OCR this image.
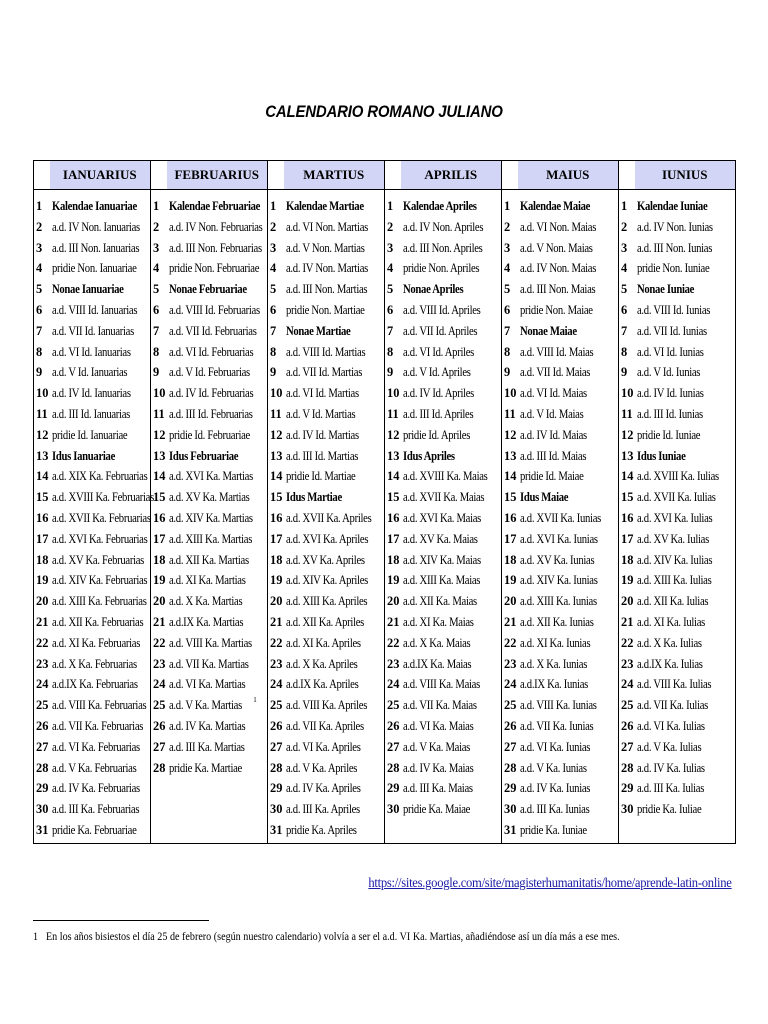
CALENDARIO ROMANO JULIANO
	IANUARIUS		FEBRUARIUS		MARTIUS		APRILIS		MAIUS		IUNIUS
1	Kalendae Ianuariae	1	Kalendae Februariae	1	Kalendae Martiae	1	Kalendae Apriles	1	Kalendae Maiae	1	Kalendae Iuniae
2	a.d. IV Non. Ianuarias	2	a.d. IV Non. Februarias	2	a.d. VI Non. Martias	2	a.d. IV Non. Apriles	2	a.d. VI Non. Maias	2	a.d. IV Non. Iunias
3	a.d. III Non. Ianuarias	3	a.d. III Non. Februarias	3	a.d. V Non. Martias	3	a.d. III Non. Apriles	3	a.d. V Non. Maias	3	a.d. III Non. Iunias
4	pridie Non. Ianuariae	4	pridie Non. Februariae	4	a.d. IV Non. Martias	4	pridie Non. Apriles	4	a.d. IV Non. Maias	4	pridie Non. Iuniae
5	Nonae Ianuariae	5	Nonae Februariae	5	a.d. III Non. Martias	5	Nonae Apriles	5	a.d. III Non. Maias	5	Nonae Iuniae
6	a.d. VIII Id. Ianuarias	6	a.d. VIII Id. Februarias	6	pridie Non. Martiae	6	a.d. VIII Id. Apriles	6	pridie Non. Maiae	6	a.d. VIII Id. Iunias
7	a.d. VII Id. Ianuarias	7	a.d. VII Id. Februarias	7	Nonae Martiae	7	a.d. VII Id. Apriles	7	Nonae Maiae	7	a.d. VII Id. Iunias
8	a.d. VI Id. Ianuarias	8	a.d. VI Id. Februarias	8	a.d. VIII Id. Martias	8	a.d. VI Id. Apriles	8	a.d. VIII Id. Maias	8	a.d. VI Id. Iunias
9	a.d. V Id. Ianuarias	9	a.d. V Id. Februarias	9	a.d. VII Id. Martias	9	a.d. V Id. Apriles	9	a.d. VII Id. Maias	9	a.d. V Id. Iunias
10	a.d. IV Id. Ianuarias	10	a.d. IV Id. Februarias	10	a.d. VI Id. Martias	10	a.d. IV Id. Apriles	10	a.d. VI Id. Maias	10	a.d. IV Id. Iunias
11	a.d. III Id. Ianuarias	11	a.d. III Id. Februarias	11	a.d. V Id. Martias	11	a.d. III Id. Apriles	11	a.d. V Id. Maias	11	a.d. III Id. Iunias
12	pridie Id. Ianuariae	12	pridie Id. Februariae	12	a.d. IV Id. Martias	12	pridie Id. Apriles	12	a.d. IV Id. Maias	12	pridie Id. Iuniae
13	Idus Ianuariae	13	Idus Februariae	13	a.d. III Id. Martias	13	Idus Apriles	13	a.d. III Id. Maias	13	Idus Iuniae
14	a.d. XIX Ka. Februarias	14	a.d. XVI Ka. Martias	14	pridie Id. Martiae	14	a.d. XVIII Ka. Maias	14	pridie Id. Maiae	14	a.d. XVIII Ka. Iulias
15	a.d. XVIII Ka. Februarias	15	a.d. XV Ka. Martias	15	Idus Martiae	15	a.d. XVII Ka. Maias	15	Idus Maiae	15	a.d. XVII Ka. Iulias
16	a.d. XVII Ka. Februarias	16	a.d. XIV Ka. Martias	16	a.d. XVII Ka. Apriles	16	a.d. XVI Ka. Maias	16	a.d. XVII Ka. Iunias	16	a.d. XVI Ka. Iulias
17	a.d. XVI Ka. Februarias	17	a.d. XIII Ka. Martias	17	a.d. XVI Ka. Apriles	17	a.d. XV Ka. Maias	17	a.d. XVI Ka. Iunias	17	a.d. XV Ka. Iulias
18	a.d. XV Ka. Februarias	18	a.d. XII Ka. Martias	18	a.d. XV Ka. Apriles	18	a.d. XIV Ka. Maias	18	a.d. XV Ka. Iunias	18	a.d. XIV Ka. Iulias
19	a.d. XIV Ka. Februarias	19	a.d. XI Ka. Martias	19	a.d. XIV Ka. Apriles	19	a.d. XIII Ka. Maias	19	a.d. XIV Ka. Iunias	19	a.d. XIII Ka. Iulias
20	a.d. XIII Ka. Februarias	20	a.d. X Ka. Martias	20	a.d. XIII Ka. Apriles	20	a.d. XII Ka. Maias	20	a.d. XIII Ka. Iunias	20	a.d. XII Ka. Iulias
21	a.d. XII Ka. Februarias	21	a.d.IX Ka. Martias	21	a.d. XII Ka. Apriles	21	a.d. XI Ka. Maias	21	a.d. XII Ka. Iunias	21	a.d. XI Ka. Iulias
22	a.d. XI Ka. Februarias	22	a.d. VIII Ka. Martias	22	a.d. XI Ka. Apriles	22	a.d. X Ka. Maias	22	a.d. XI Ka. Iunias	22	a.d. X Ka. Iulias
23	a.d. X Ka. Februarias	23	a.d. VII Ka. Martias	23	a.d. X Ka. Apriles	23	a.d.IX Ka. Maias	23	a.d. X Ka. Iunias	23	a.d.IX Ka. Iulias
24	a.d.IX Ka. Februarias	24	a.d. VI Ka. Martias	24	a.d.IX Ka. Apriles	24	a.d. VIII Ka. Maias	24	a.d.IX Ka. Iunias	24	a.d. VIII Ka. Iulias
25	a.d. VIII Ka. Februarias	25	a.d. V Ka. Martias $^1$	25	a.d. VIII Ka. Apriles	25	a.d. VII Ka. Maias	25	a.d. VIII Ka. Iunias	25	a.d. VII Ka. Iulias
26	a.d. VII Ka. Februarias	26	a.d. IV Ka. Martias	26	a.d. VII Ka. Apriles	26	a.d. VI Ka. Maias	26	a.d. VII Ka. Iunias	26	a.d. VI Ka. Iulias
27	a.d. VI Ka. Februarias	27	a.d. III Ka. Martias	27	a.d. VI Ka. Apriles	27	a.d. V Ka. Maias	27	a.d. VI Ka. Iunias	27	a.d. V Ka. Iulias
28	a.d. V Ka. Februarias	28	pridie Ka. Martiae	28	a.d. V Ka. Apriles	28	a.d. IV Ka. Maias	28	a.d. V Ka. Iunias	28	a.d. IV Ka. Iulias
29	a.d. IV Ka. Februarias			29	a.d. IV Ka. Apriles	29	a.d. III Ka. Maias	29	a.d. IV Ka. Iunias	29	a.d. III Ka. Iulias
30	a.d. III Ka. Februarias			30	a.d. III Ka. Apriles	30	pridie Ka. Maiae	30	a.d. III Ka. Iunias	30	pridie Ka. Iuliae
31	pridie Ka. Februariae			31	pridie Ka. Apriles			31	pridie Ka. Iuniae		
https://sites.google.com/site/magisterhumanitatis/home/aprende-latin-online
1 En los años bisiestos el día 25 de febrero (según nuestro calendario) volvía a ser el a.d. VI Ka. Martias, añadiéndose así un día más a ese mes.
